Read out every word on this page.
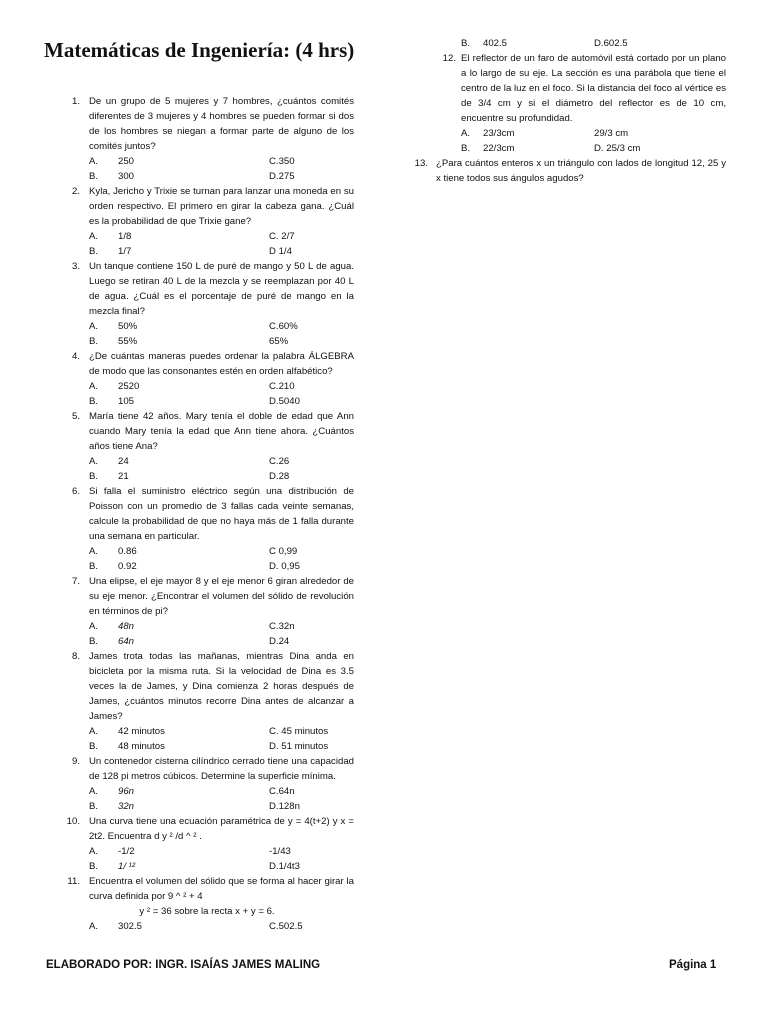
Matemáticas de Ingeniería: (4 hrs)
1. De un grupo de 5 mujeres y 7 hombres, ¿cuántos comités diferentes de 3 mujeres y 4 hombres se pueden formar si dos de los hombres se niegan a formar parte de alguno de los comités juntos?
A. 250	C.350
B. 300	D.275
2. Kyla, Jericho y Trixie se turnan para lanzar una moneda en su orden respectivo. El primero en girar la cabeza gana. ¿Cuál es la probabilidad de que Trixie gane?
A. 1/8	C. 2/7
B. 1/7	D 1/4
3. Un tanque contiene 150 L de puré de mango y 50 L de agua. Luego se retiran 40 L de la mezcla y se reemplazan por 40 L de agua. ¿Cuál es el porcentaje de puré de mango en la mezcla final?
A. 50%	C.60%
B. 55%	65%
4. ¿De cuántas maneras puedes ordenar la palabra ÁLGEBRA de modo que las consonantes estén en orden alfabético?
A. 2520	C.210
B. 105	D.5040
5. María tiene 42 años. Mary tenía el doble de edad que Ann cuando Mary tenía la edad que Ann tiene ahora. ¿Cuántos años tiene Ana?
A. 24	C.26
B. 21	D.28
6. Si falla el suministro eléctrico según una distribución de Poisson con un promedio de 3 fallas cada veinte semanas, calcule la probabilidad de que no haya más de 1 falla durante una semana en particular.
A. 0.86	C 0,99
B. 0.92	D. 0,95
7. Una elipse, el eje mayor 8 y el eje menor 6 giran alrededor de su eje menor. ¿Encontrar el volumen del sólido de revolución en términos de pi?
A. 48n	C.32n
B. 64n	D.24
8. James trota todas las mañanas, mientras Dina anda en bicicleta por la misma ruta. Si la velocidad de Dina es 3.5 veces la de James, y Dina comienza 2 horas después de James, ¿cuántos minutos recorre Dina antes de alcanzar a James?
A. 42 minutos	C. 45 minutos
B. 48 minutos	D. 51 minutos
9. Un contenedor cisterna cilíndrico cerrado tiene una capacidad de 128 pi metros cúbicos. Determine la superficie mínima.
A. 96n	C.64n
B. 32n	D.128n
10. Una curva tiene una ecuación paramétrica de y = 4(t+2) y x = 2t2. Encuentra d y ² /d ^ ² .
A. -1/2	-1/43
B. 1/ ¹²	D.1/4t3
11. Encuentra el volumen del sólido que se forma al hacer girar la curva definida por 9 ^ ² + 4
y ² = 36 sobre la recta x + y = 6.
A. 302.5	C.502.5
B. 402.5	D.602.5
12. El reflector de un faro de automóvil está cortado por un plano a lo largo de su eje. La sección es una parábola que tiene el centro de la luz en el foco. Si la distancia del foco al vértice es de 3/4 cm y si el diámetro del reflector es de 10 cm, encuentre su profundidad.
A. 23/3cm	29/3 cm
B. 22/3cm	D. 25/3 cm
13. ¿Para cuántos enteros x un triángulo con lados de longitud 12, 25 y x tiene todos sus ángulos agudos?
ELABORADO POR: INGR. ISAÍAS JAMES MALING	Página 1
